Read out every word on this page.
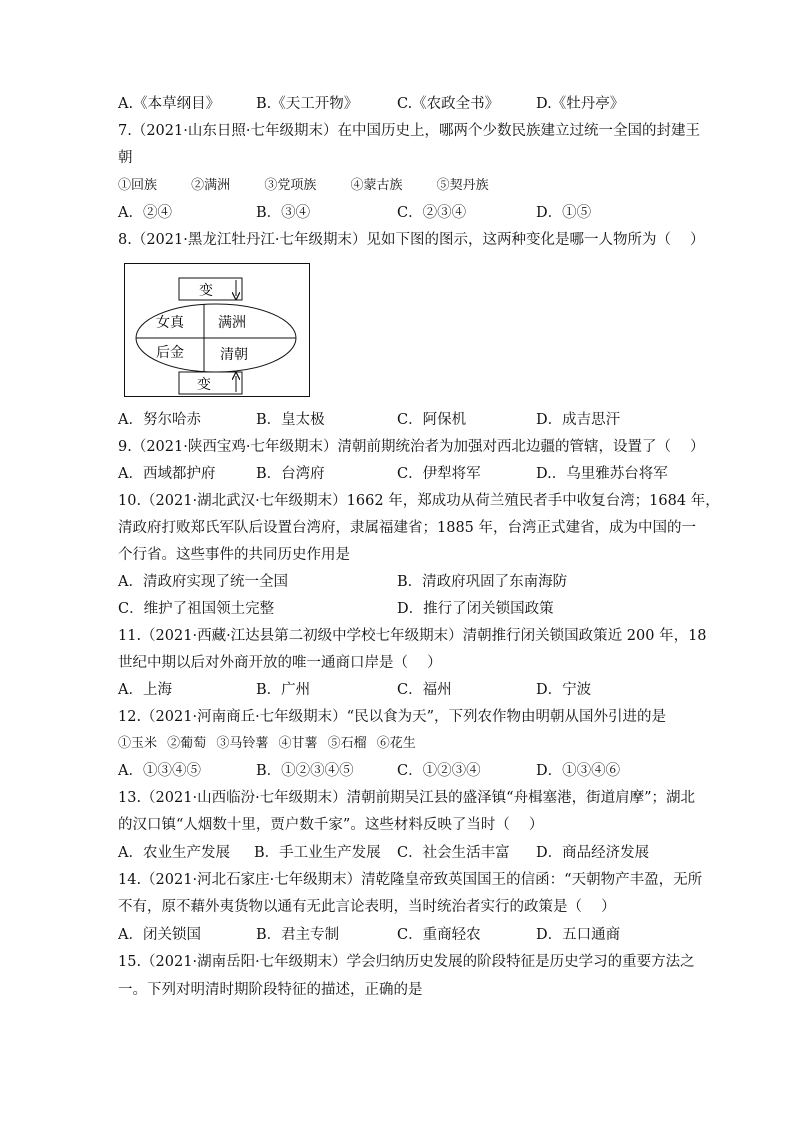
A.《本草纲目》 B.《天工开物》	C.《农政全书》	D.《牡丹亭》
7.（2021·山东日照·七年级期末）在中国历史上，哪两个少数民族建立过统一全国的封建王
朝
①回族	②满洲	③党项族	④蒙古族	⑤契丹族
A．②④	B．③④	C．②③④	D．①⑤
8.（2021·黑龙江牡丹江·七年级期末）见如下图的图示，这两种变化是哪一人物所为（　 ）
变
女真 满洲
后金	清朝
变
A．努尔哈赤	B．皇太极	C．阿保机	D．成吉思汗
9.（2021·陕西宝鸡·七年级期末）清朝前期统治者为加强对西北边疆的管辖，设置了（　 ）
A．西域都护府	B．台湾府	C．伊犁将军	D.．乌里雅苏台将军
10.（2021·湖北武汉·七年级期末）1662 年，郑成功从荷兰殖民者手中收复台湾；1684 年，
清政府打败郑氏军队后设置台湾府，隶属福建省；1885 年，台湾正式建省，成为中国的一
个行省。这些事件的共同历史作用是
A．清政府实现了统一全国	B．清政府巩固了东南海防
C．维护了祖国领土完整	D．推行了闭关锁国政策
11.（2021·西藏·江达县第二初级中学校七年级期末）清朝推行闭关锁国政策近 200 年，18
世纪中期以后对外商开放的唯一通商口岸是（　 ）
A．上海	B．广州	C．福州	D．宁波
12.（2021·河南商丘·七年级期末）“民以食为天”，下列农作物由明朝从国外引进的是
①玉米 ②葡萄 ③马铃薯 ④甘薯 ⑤石榴 ⑥花生
A．①③④⑤	B．①②③④⑤	C．①②③④	D．①③④⑥
13.（2021·山西临汾·七年级期末）清朝前期吴江县的盛泽镇“舟楫塞港，街道肩摩”；湖北
的汉口镇“人烟数十里，贾户数千家”。这些材料反映了当时（　 ）
A．农业生产发展 B．手工业生产发展 C．社会生活丰富 D．商品经济发展
14.（2021·河北石家庄·七年级期末）清乾隆皇帝致英国国王的信函：“天朝物产丰盈，无所
不有，原不藉外夷货物以通有无此言论表明，当时统治者实行的政策是（　 ）
A．闭关锁国	B．君主专制	C．重商轻农	D．五口通商
15.（2021·湖南岳阳·七年级期末）学会归纳历史发展的阶段特征是历史学习的重要方法之
一。下列对明清时期阶段特征的描述，正确的是
